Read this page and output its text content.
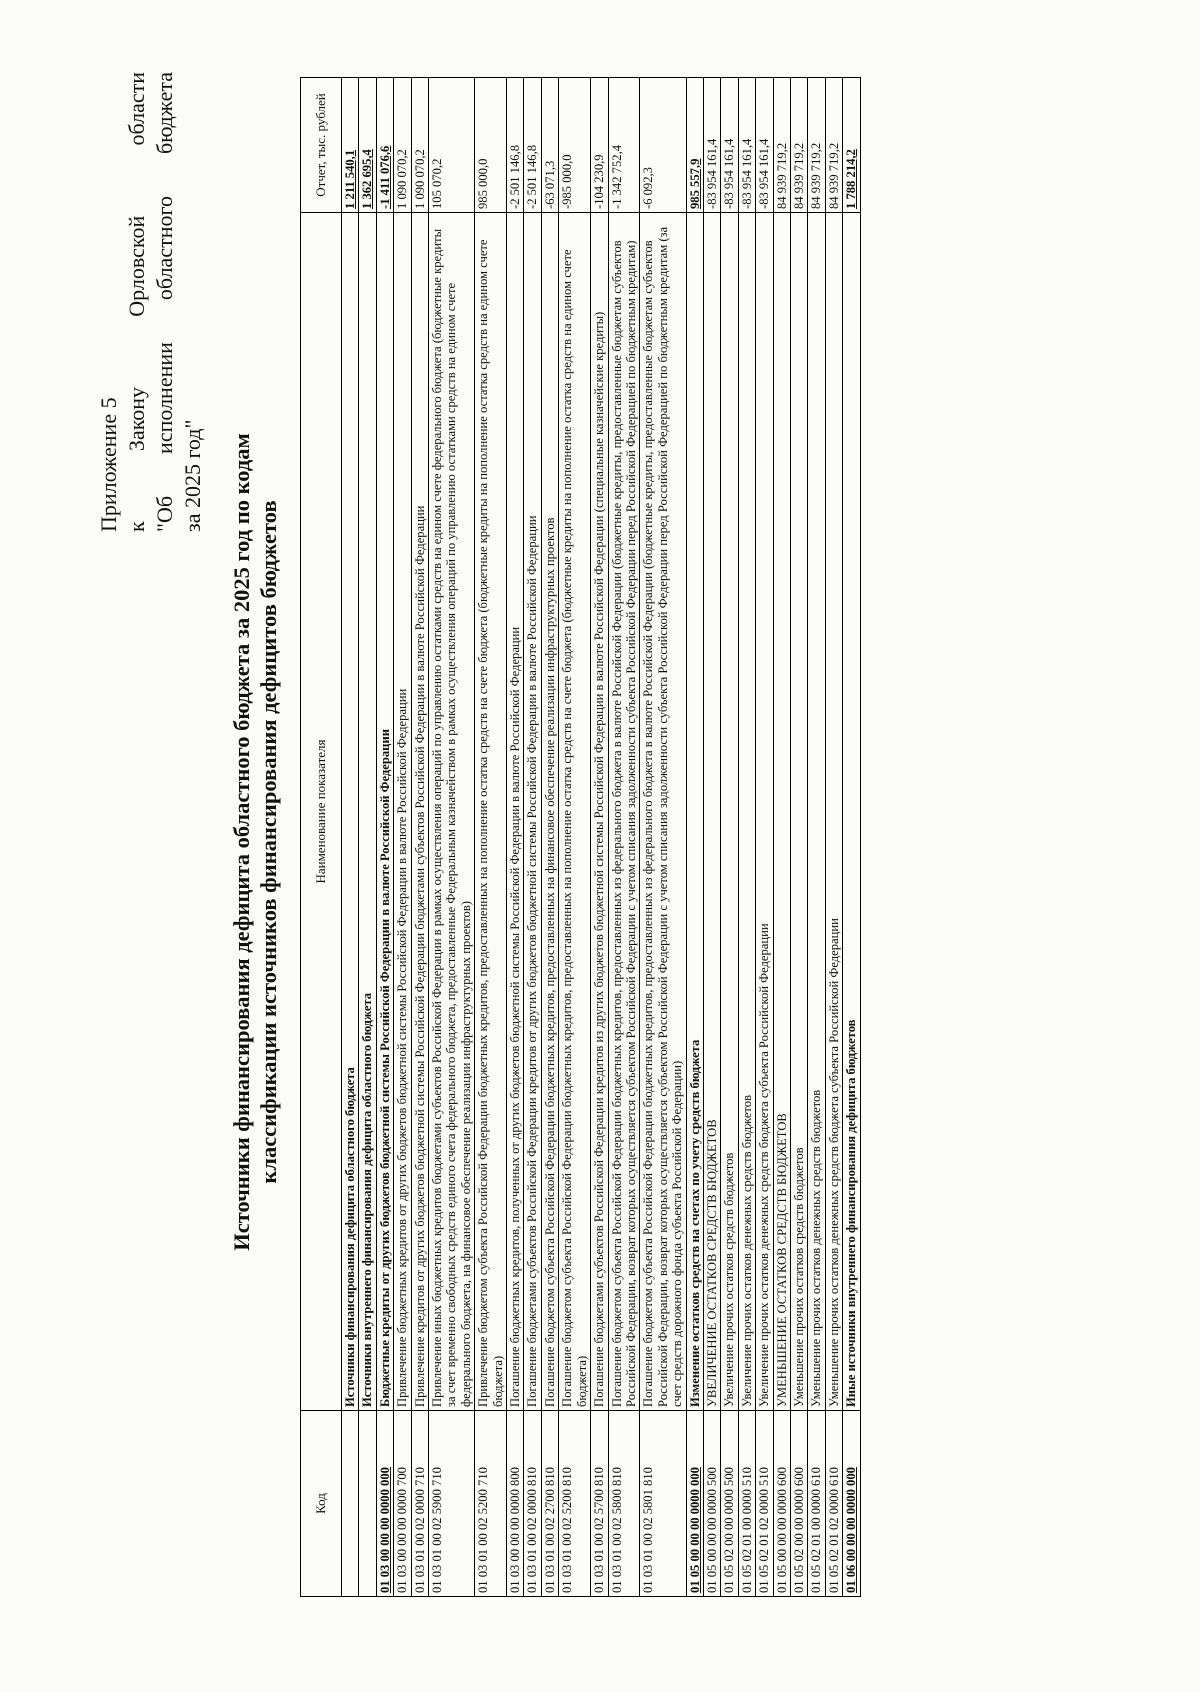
Приложение 5 к
Закону
Орловской
области
"Об
исполнении
областного
бюджета
за 2025 год" Источники финансирования дефицита областного бюджета за 2025 год по кодам классификации источников финансирования дефицитов бюджетов
Код	Наименование показателя	Отчет, тыс. рублей
	Источники финансирования дефицита областного бюджета	1 211 540,1
	Источники внутреннего финансирования дефицита областного бюджета	1 362 695,4
01 03 00 00 00 0000 000	Бюджетные кредиты от других бюджетов бюджетной системы Российской Федерации в валюте Российской Федерации	-1 411 076,6
01 03 00 00 00 0000 700	Привлечение бюджетных кредитов от других бюджетов бюджетной системы Российской Федерации в валюте Российской Федерации	1 090 070,2
01 03 01 00 02 0000 710	Привлечение кредитов от других бюджетов бюджетной системы Российской Федерации бюджетами субъектов Российской Федерации в валюте Российской Федерации	1 090 070,2
01 03 01 00 02 5900 710	Привлечение иных бюджетных кредитов бюджетами субъектов Российской Федерации в рамках осуществления операций по управлению остатками средств на едином счете федерального бюджета (бюджетные кредиты за счет временно свободных средств единого счета федерального бюджета, предоставленные Федеральным казначейством в рамках осуществления операций по управлению остатками средств на едином счете федерального бюджета, на финансовое обеспечение реализации инфраструктурных проектов)	105 070,2
01 03 01 00 02 5200 710	Привлечение бюджетом субъекта Российской Федерации бюджетных кредитов, предоставленных на пополнение остатка средств на счете бюджета (бюджетные кредиты на пополнение остатка средств на едином счете бюджета)	985 000,0
01 03 00 00 00 0000 800	Погашение бюджетных кредитов, полученных от других бюджетов бюджетной системы Российской Федерации в валюте Российской Федерации	-2 501 146,8
01 03 01 00 02 0000 810	Погашение бюджетами субъектов Российской Федерации кредитов от других бюджетов бюджетной системы Российской Федерации в валюте Российской Федерации	-2 501 146,8
01 03 01 00 02 2700 810	Погашение бюджетом субъекта Российской Федерации бюджетных кредитов, предоставленных на финансовое обеспечение реализации инфраструктурных проектов	-63 071,3
01 03 01 00 02 5200 810	Погашение бюджетом субъекта Российской Федерации бюджетных кредитов, предоставленных на пополнение остатка средств на счете бюджета (бюджетные кредиты на пополнение остатка средств на едином счете бюджета)	-985 000,0
01 03 01 00 02 5700 810	Погашение бюджетами субъектов Российской Федерации кредитов из других бюджетов бюджетной системы Российской Федерации в валюте Российской Федерации (специальные казначейские кредиты)	-104 230,9
01 03 01 00 02 5800 810	Погашение бюджетом субъекта Российской Федерации бюджетных кредитов, предоставленных из федерального бюджета в валюте Российской Федерации (бюджетные кредиты, предоставленные бюджетам субъектов Российской Федерации, возврат которых осуществляется субъектом Российской Федерации с учетом списания задолженности субъекта Российской Федерации перед Российской Федерацией по бюджетным кредитам)	-1 342 752,4
01 03 01 00 02 5801 810	Погашение бюджетом субъекта Российской Федерации бюджетных кредитов, предоставленных из федерального бюджета в валюте Российской Федерации (бюджетные кредиты, предоставленные бюджетам субъектов Российской Федерации, возврат которых осуществляется субъектом Российской Федерации с учетом списания задолженности субъекта Российской Федерации перед Российской Федерацией по бюджетным кредитам (за счет средств дорожного фонда субъекта Российской Федерации)	-6 092,3
01 05 00 00 00 0000 000	Изменение остатков средств на счетах по учету средств бюджета	985 557,9
01 05 00 00 00 0000 500	УВЕЛИЧЕНИЕ ОСТАТКОВ СРЕДСТВ БЮДЖЕТОВ	-83 954 161,4
01 05 02 00 00 0000 500	Увеличение прочих остатков средств бюджетов	-83 954 161,4
01 05 02 01 00 0000 510	Увеличение прочих остатков денежных средств бюджетов	-83 954 161,4
01 05 02 01 02 0000 510	Увеличение прочих остатков денежных средств бюджета субъекта Российской Федерации	-83 954 161,4
01 05 00 00 00 0000 600	УМЕНЬШЕНИЕ ОСТАТКОВ СРЕДСТВ БЮДЖЕТОВ	84 939 719,2
01 05 02 00 00 0000 600	Уменьшение прочих остатков средств бюджетов	84 939 719,2
01 05 02 01 00 0000 610	Уменьшение прочих остатков денежных средств бюджетов	84 939 719,2
01 05 02 01 02 0000 610	Уменьшение прочих остатков денежных средств бюджета субъекта Российской Федерации	84 939 719,2
01 06 00 00 00 0000 000	Иные источники внутреннего финансирования дефицита бюджетов	1 788 214,2
